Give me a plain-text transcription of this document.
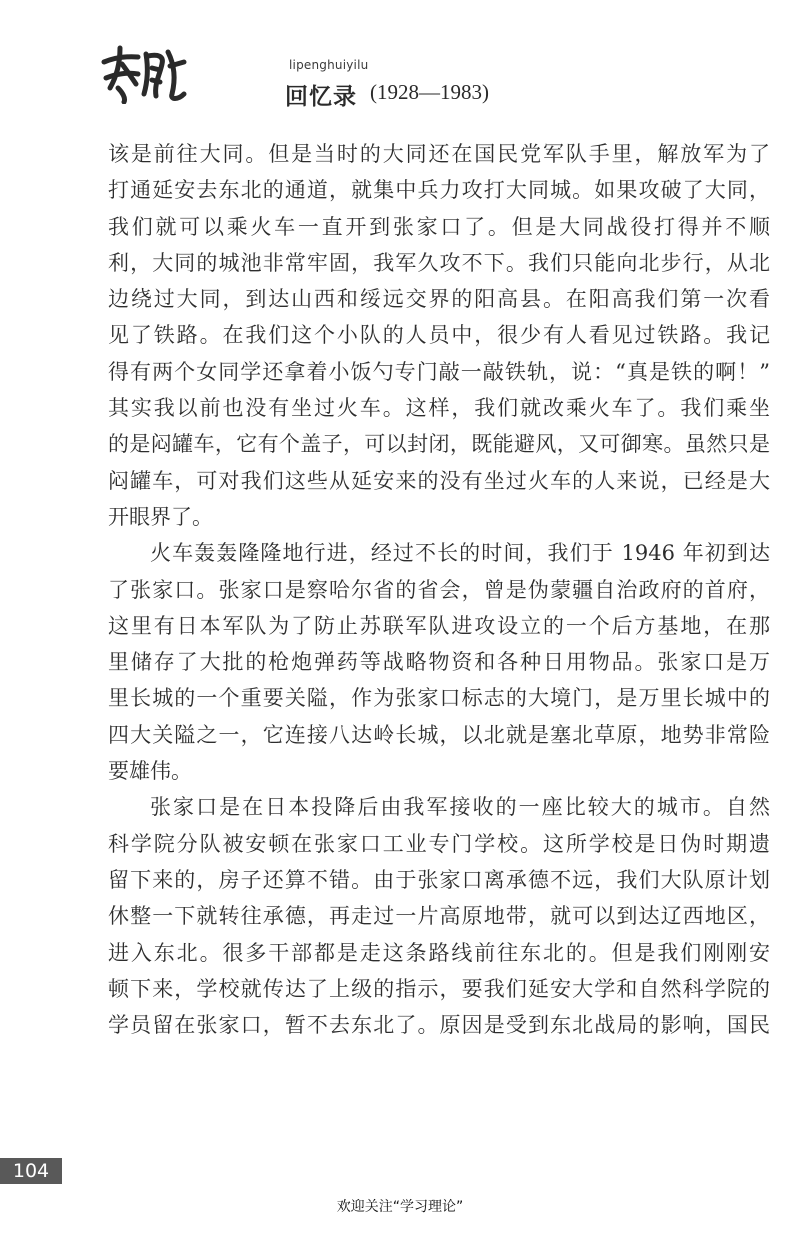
lipenghuiyilu
回忆录 (1928—1983)
该是前往大同。但是当时的大同还在国民党军队手里，解放军为了
打通延安去东北的通道，就集中兵力攻打大同城。如果攻破了大同，
我们就可以乘火车一直开到张家口了。但是大同战役打得并不顺
利，大同的城池非常牢固，我军久攻不下。我们只能向北步行，从北
边绕过大同，到达山西和绥远交界的阳高县。在阳高我们第一次看
见了铁路。在我们这个小队的人员中，很少有人看见过铁路。我记
得有两个女同学还拿着小饭勺专门敲一敲铁轨，说：“真是铁的啊！”
其实我以前也没有坐过火车。这样，我们就改乘火车了。我们乘坐
的是闷罐车，它有个盖子，可以封闭，既能避风，又可御寒。虽然只是
闷罐车，可对我们这些从延安来的没有坐过火车的人来说，已经是大
开眼界了。
火车轰轰隆隆地行进，经过不长的时间，我们于 1946 年初到达
了张家口。张家口是察哈尔省的省会，曾是伪蒙疆自治政府的首府，
这里有日本军队为了防止苏联军队进攻设立的一个后方基地，在那
里储存了大批的枪炮弹药等战略物资和各种日用物品。张家口是万
里长城的一个重要关隘，作为张家口标志的大境门，是万里长城中的
四大关隘之一，它连接八达岭长城，以北就是塞北草原，地势非常险
要雄伟。
张家口是在日本投降后由我军接收的一座比较大的城市。自然
科学院分队被安顿在张家口工业专门学校。这所学校是日伪时期遗
留下来的，房子还算不错。由于张家口离承德不远，我们大队原计划
休整一下就转往承德，再走过一片高原地带，就可以到达辽西地区，
进入东北。很多干部都是走这条路线前往东北的。但是我们刚刚安
顿下来，学校就传达了上级的指示，要我们延安大学和自然科学院的
学员留在张家口，暂不去东北了。原因是受到东北战局的影响，国民
104
欢迎关注“学习理论”
